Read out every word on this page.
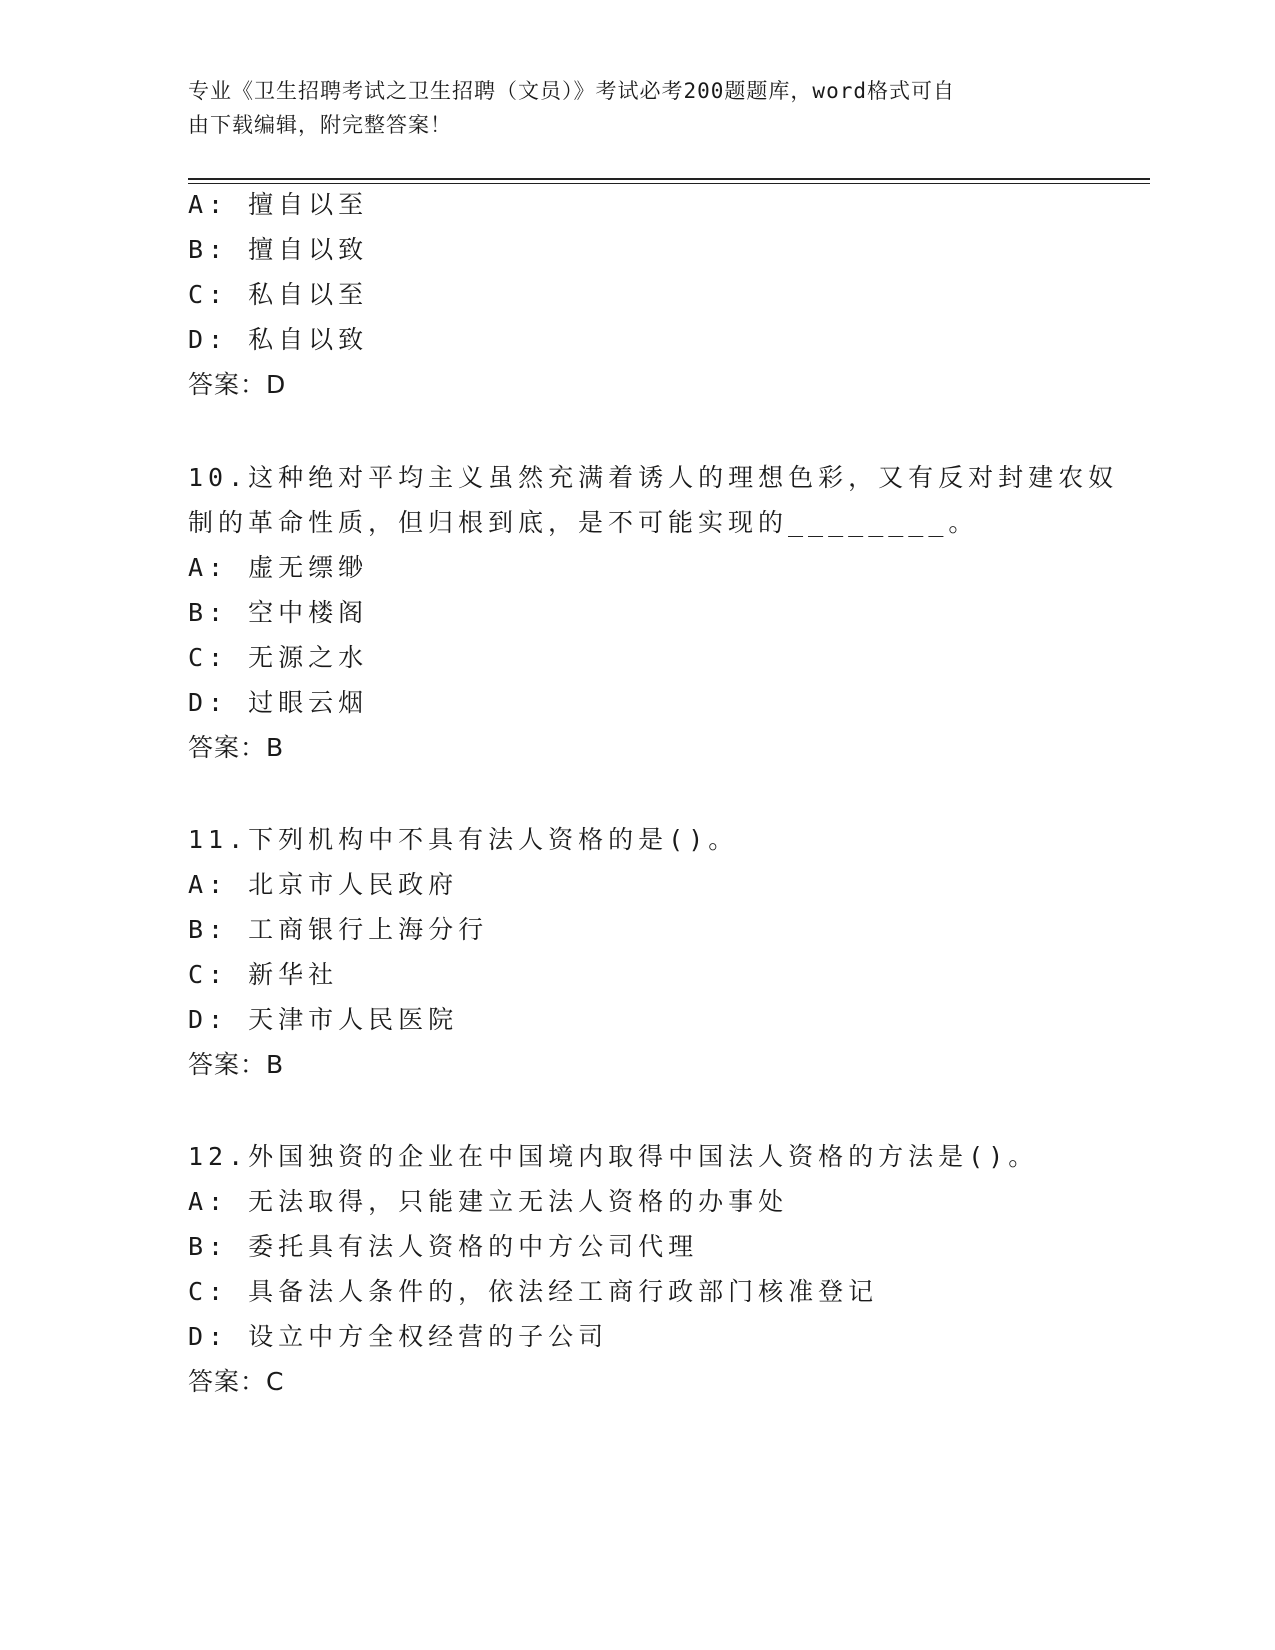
专业《卫生招聘考试之卫生招聘（文员）》考试必考200题题库，word格式可自
由下载编辑，附完整答案！
A: 擅自以至
B: 擅自以致
C: 私自以至
D: 私自以致
答案：D
10.这种绝对平均主义虽然充满着诱人的理想色彩，又有反对封建农奴
制的革命性质，但归根到底，是不可能实现的________。
A: 虚无缥缈
B: 空中楼阁
C: 无源之水
D: 过眼云烟
答案：B
11.下列机构中不具有法人资格的是()。
A: 北京市人民政府
B: 工商银行上海分行
C: 新华社
D: 天津市人民医院
答案：B
12.外国独资的企业在中国境内取得中国法人资格的方法是()。
A: 无法取得，只能建立无法人资格的办事处
B: 委托具有法人资格的中方公司代理
C: 具备法人条件的，依法经工商行政部门核准登记
D: 设立中方全权经营的子公司
答案：C
